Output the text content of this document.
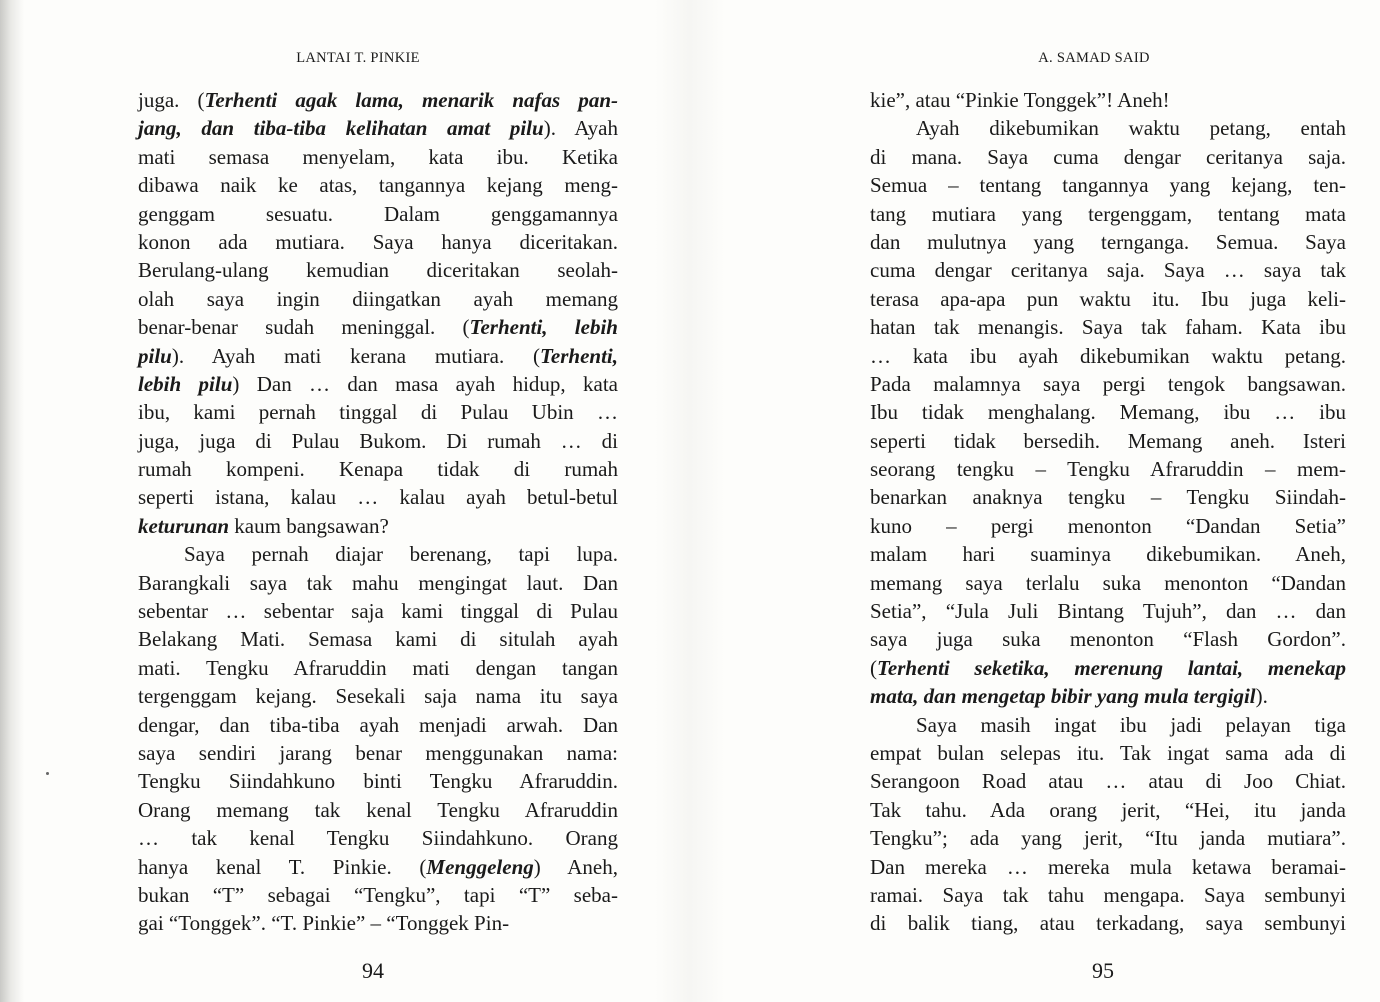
LANTAI T. PINKIE
juga. (Terhenti agak lama, menarik nafas pan-
jang, dan tiba-tiba kelihatan amat pilu). Ayah
mati semasa menyelam, kata ibu. Ketika
dibawa naik ke atas, tangannya kejang meng-
genggam sesuatu. Dalam genggamannya
konon ada mutiara. Saya hanya diceritakan.
Berulang-ulang kemudian diceritakan seolah-
olah saya ingin diingatkan ayah memang
benar-benar sudah meninggal. (Terhenti, lebih
pilu). Ayah mati kerana mutiara. (Terhenti,
lebih pilu) Dan … dan masa ayah hidup, kata
ibu, kami pernah tinggal di Pulau Ubin …
juga, juga di Pulau Bukom. Di rumah … di
rumah kompeni. Kenapa tidak di rumah
seperti istana, kalau … kalau ayah betul-betul
keturunan kaum bangsawan?
Saya pernah diajar berenang, tapi lupa.
Barangkali saya tak mahu mengingat laut. Dan
sebentar … sebentar saja kami tinggal di Pulau
Belakang Mati. Semasa kami di situlah ayah
mati. Tengku Afraruddin mati dengan tangan
tergenggam kejang. Sesekali saja nama itu saya
dengar, dan tiba-tiba ayah menjadi arwah. Dan
saya sendiri jarang benar menggunakan nama:
Tengku Siindahkuno binti Tengku Afraruddin.
Orang memang tak kenal Tengku Afraruddin
… tak kenal Tengku Siindahkuno. Orang
hanya kenal T. Pinkie. (Menggeleng) Aneh,
bukan “T” sebagai “Tengku”, tapi “T” seba-
gai “Tonggek”. “T. Pinkie” – “Tonggek Pin-
94
A. SAMAD SAID
kie”, atau “Pinkie Tonggek”! Aneh!
Ayah dikebumikan waktu petang, entah
di mana. Saya cuma dengar ceritanya saja.
Semua – tentang tangannya yang kejang, ten-
tang mutiara yang tergenggam, tentang mata
dan mulutnya yang ternganga. Semua. Saya
cuma dengar ceritanya saja. Saya … saya tak
terasa apa-apa pun waktu itu. Ibu juga keli-
hatan tak menangis. Saya tak faham. Kata ibu
… kata ibu ayah dikebumikan waktu petang.
Pada malamnya saya pergi tengok bangsawan.
Ibu tidak menghalang. Memang, ibu … ibu
seperti tidak bersedih. Memang aneh. Isteri
seorang tengku – Tengku Afraruddin – mem-
benarkan anaknya tengku – Tengku Siindah-
kuno – pergi menonton “Dandan Setia”
malam hari suaminya dikebumikan. Aneh,
memang saya terlalu suka menonton “Dandan
Setia”, “Jula Juli Bintang Tujuh”, dan … dan
saya juga suka menonton “Flash Gordon”.
(Terhenti seketika, merenung lantai, menekap
mata, dan mengetap bibir yang mula tergigil).
Saya masih ingat ibu jadi pelayan tiga
empat bulan selepas itu. Tak ingat sama ada di
Serangoon Road atau … atau di Joo Chiat.
Tak tahu. Ada orang jerit, “Hei, itu janda
Tengku”; ada yang jerit, “Itu janda mutiara”.
Dan mereka … mereka mula ketawa beramai-
ramai. Saya tak tahu mengapa. Saya sembunyi
di balik tiang, atau terkadang, saya sembunyi
95
